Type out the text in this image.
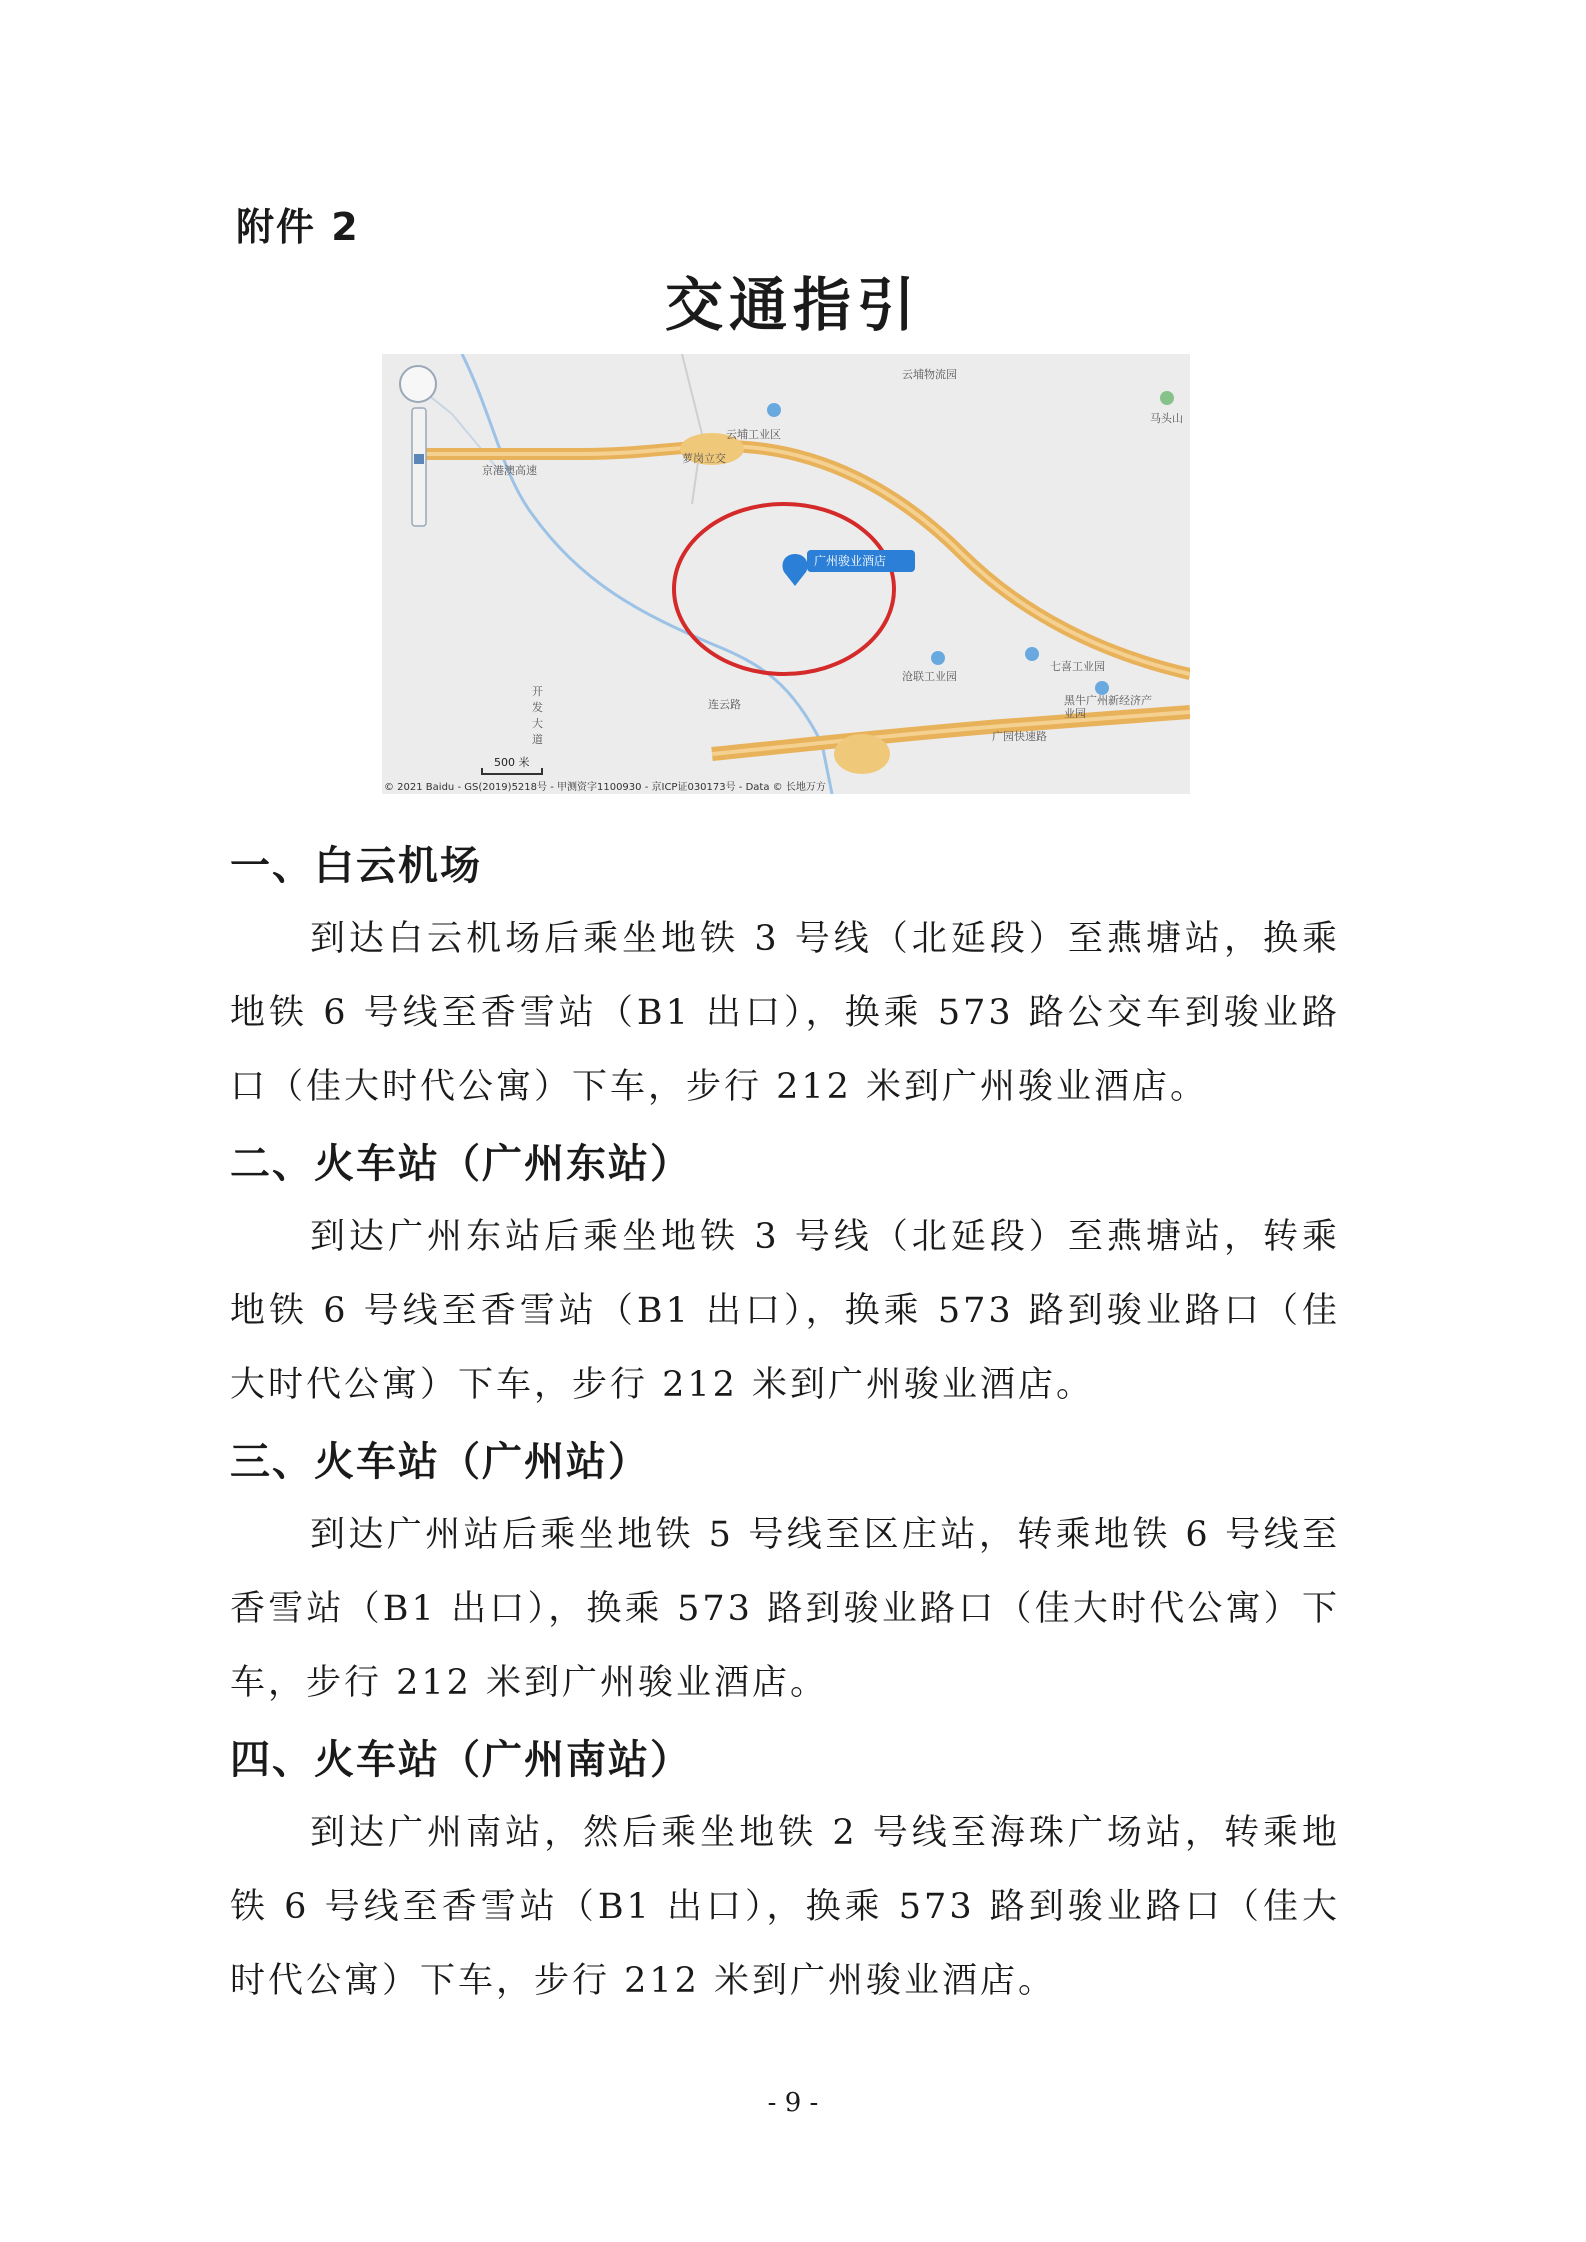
附件 2
交通指引
云埔物流园
马头山
云埔工业区
萝岗立交
京港澳高速
广州骏业酒店
沧联工业园
七喜工业园
连云路
开发大道
黑牛广州新经济产业园
广园快速路
500 米
© 2021 Baidu - GS(2019)5218号 - 甲测资字1100930 - 京ICP证030173号 - Data © 长地万方
一、白云机场

到达白云机场后乘坐地铁 3 号线（北延段）至燕塘站，换乘地铁 6 号线至香雪站（B1 出口），换乘 573 路公交车到骏业路口（佳大时代公寓）下车，步行 212 米到广州骏业酒店。

二、火车站（广州东站）

到达广州东站后乘坐地铁 3 号线（北延段）至燕塘站，转乘地铁 6 号线至香雪站（B1 出口），换乘 573 路到骏业路口（佳大时代公寓）下车，步行 212 米到广州骏业酒店。

三、火车站（广州站）

到达广州站后乘坐地铁 5 号线至区庄站，转乘地铁 6 号线至香雪站（B1 出口），换乘 573 路到骏业路口（佳大时代公寓）下车，步行 212 米到广州骏业酒店。

四、火车站（广州南站）

到达广州南站，然后乘坐地铁 2 号线至海珠广场站，转乘地铁 6 号线至香雪站（B1 出口），换乘 573 路到骏业路口（佳大时代公寓）下车，步行 212 米到广州骏业酒店。

- 9 -
